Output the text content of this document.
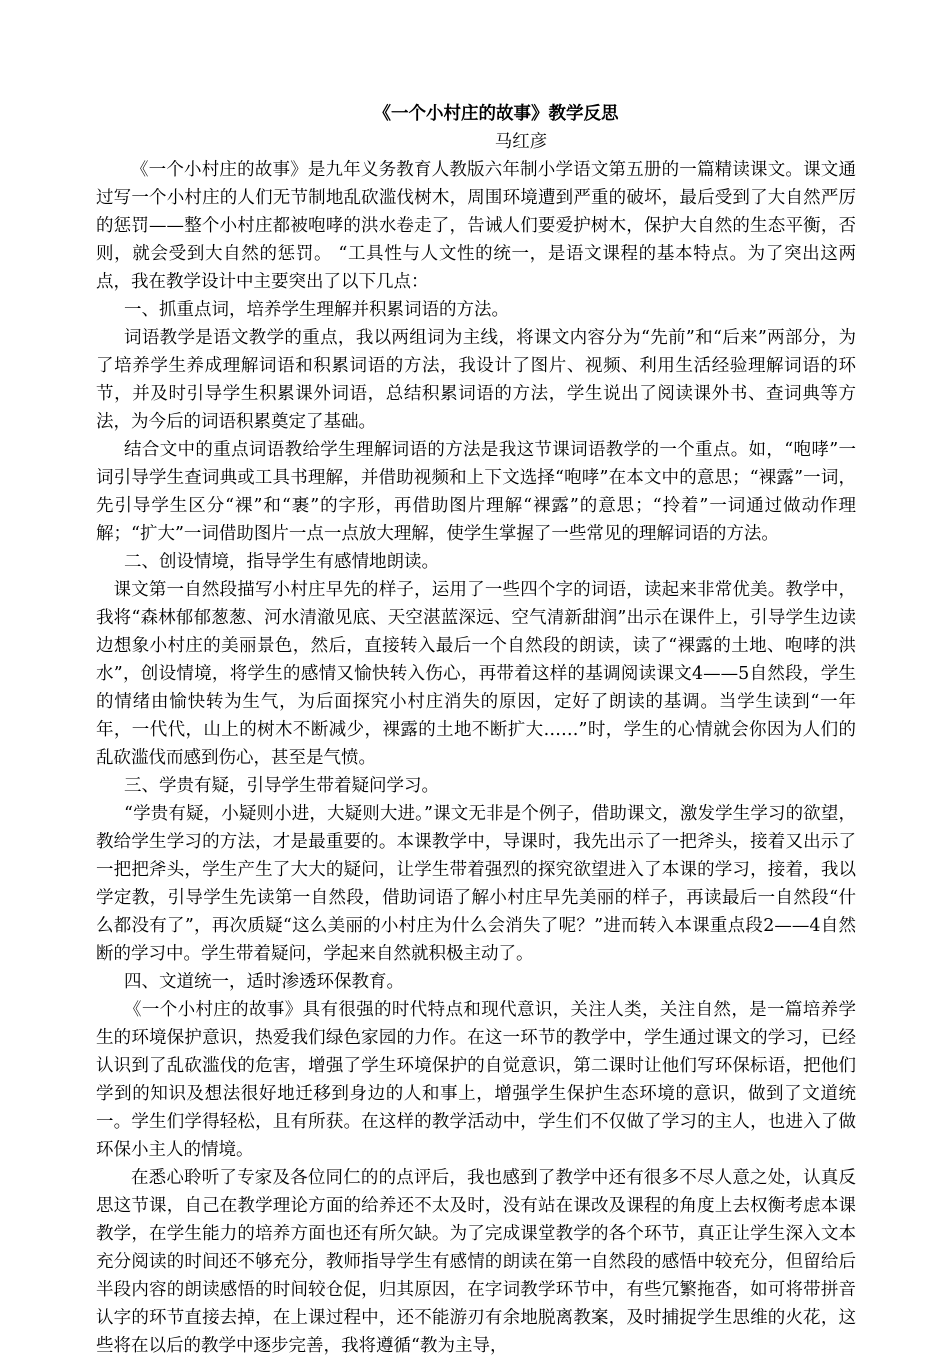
《一个小村庄的故事》教学反思

马红彦

《一个小村庄的故事》是九年义务教育人教版六年制小学语文第五册的一篇精读课文。课文通过写一个小村庄的人们无节制地乱砍滥伐树木，周围环境遭到严重的破坏，最后受到了大自然严厉的惩罚——整个小村庄都被咆哮的洪水卷走了，告诫人们要爱护树木，保护大自然的生态平衡，否则，就会受到大自然的惩罚。 “工具性与人文性的统一，是语文课程的基本特点。为了突出这两点，我在教学设计中主要突出了以下几点：

一、抓重点词，培养学生理解并积累词语的方法。

词语教学是语文教学的重点，我以两组词为主线，将课文内容分为“先前”和“后来”两部分，为了培养学生养成理解词语和积累词语的方法，我设计了图片、视频、利用生活经验理解词语的环节，并及时引导学生积累课外词语，总结积累词语的方法，学生说出了阅读课外书、查词典等方法，为今后的词语积累奠定了基础。

结合文中的重点词语教给学生理解词语的方法是我这节课词语教学的一个重点。如，“咆哮”一词引导学生查词典或工具书理解，并借助视频和上下文选择“咆哮”在本文中的意思；“裸露”一词，先引导学生区分“裸”和“裹”的字形，再借助图片理解“裸露”的意思；“拎着”一词通过做动作理解；“扩大”一词借助图片一点一点放大理解，使学生掌握了一些常见的理解词语的方法。

二、创设情境，指导学生有感情地朗读。

课文第一自然段描写小村庄早先的样子，运用了一些四个字的词语，读起来非常优美。教学中，我将“森林郁郁葱葱、河水清澈见底、天空湛蓝深远、空气清新甜润”出示在课件上，引导学生边读边想象小村庄的美丽景色，然后，直接转入最后一个自然段的朗读，读了“裸露的土地、咆哮的洪水”，创设情境，将学生的感情又愉快转入伤心，再带着这样的基调阅读课文4——5自然段，学生的情绪由愉快转为生气，为后面探究小村庄消失的原因，定好了朗读的基调。当学生读到“一年年，一代代，山上的树木不断减少，裸露的土地不断扩大……”时，学生的心情就会你因为人们的乱砍滥伐而感到伤心，甚至是气愤。

三、学贵有疑，引导学生带着疑问学习。

“学贵有疑，小疑则小进，大疑则大进。”课文无非是个例子，借助课文，激发学生学习的欲望，教给学生学习的方法，才是最重要的。本课教学中，导课时，我先出示了一把斧头，接着又出示了一把把斧头，学生产生了大大的疑问，让学生带着强烈的探究欲望进入了本课的学习，接着，我以学定教，引导学生先读第一自然段，借助词语了解小村庄早先美丽的样子，再读最后一自然段“什么都没有了”，再次质疑“这么美丽的小村庄为什么会消失了呢？”进而转入本课重点段2——4自然断的学习中。学生带着疑问，学起来自然就积极主动了。

四、文道统一，适时渗透环保教育。

《一个小村庄的故事》具有很强的时代特点和现代意识，关注人类，关注自然，是一篇培养学生的环境保护意识，热爱我们绿色家园的力作。在这一环节的教学中，学生通过课文的学习，已经认识到了乱砍滥伐的危害，增强了学生环境保护的自觉意识，第二课时让他们写环保标语，把他们学到的知识及想法很好地迁移到身边的人和事上，增强学生保护生态环境的意识，做到了文道统一。学生们学得轻松，且有所获。在这样的教学活动中，学生们不仅做了学习的主人，也进入了做环保小主人的情境。

在悉心聆听了专家及各位同仁的的点评后，我也感到了教学中还有很多不尽人意之处，认真反思这节课，自己在教学理论方面的给养还不太及时，没有站在课改及课程的角度上去权衡考虑本课教学，在学生能力的培养方面也还有所欠缺。为了完成课堂教学的各个环节，真正让学生深入文本充分阅读的时间还不够充分，教师指导学生有感情的朗读在第一自然段的感悟中较充分，但留给后半段内容的朗读感悟的时间较仓促，归其原因，在字词教学环节中，有些冗繁拖沓，如可将带拼音认字的环节直接去掉，在上课过程中，还不能游刃有余地脱离教案，及时捕捉学生思维的火花，这些将在以后的教学中逐步完善，我将遵循“教为主导，
